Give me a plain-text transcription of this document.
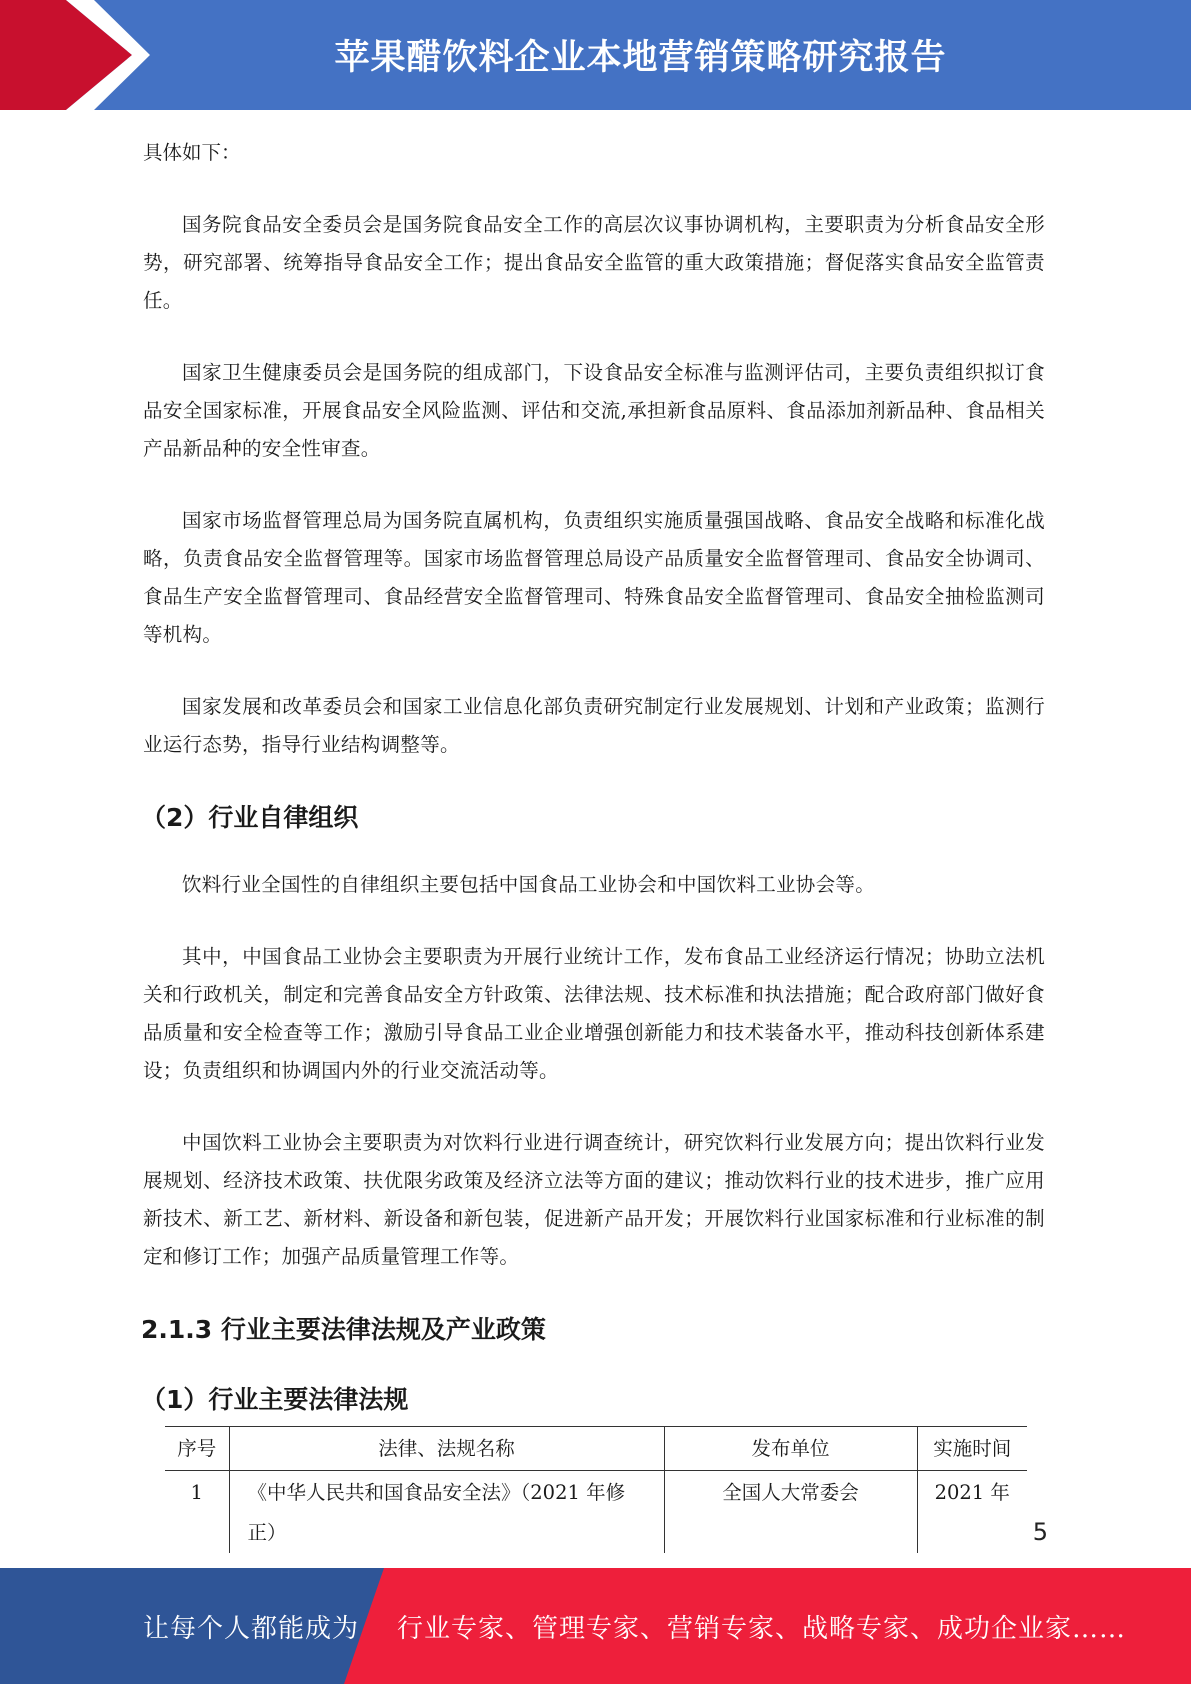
苹果醋饮料企业本地营销策略研究报告

具体如下：

国务院食品安全委员会是国务院食品安全工作的高层次议事协调机构，主要职责为分析食品安全形势，研究部署、统筹指导食品安全工作；提出食品安全监管的重大政策措施；督促落实食品安全监管责任。

国家卫生健康委员会是国务院的组成部门，下设食品安全标准与监测评估司，主要负责组织拟订食品安全国家标准，开展食品安全风险监测、评估和交流,承担新食品原料、食品添加剂新品种、食品相关产品新品种的安全性审查。

国家市场监督管理总局为国务院直属机构，负责组织实施质量强国战略、食品安全战略和标准化战略，负责食品安全监督管理等。国家市场监督管理总局设产品质量安全监督管理司、食品安全协调司、食品生产安全监督管理司、食品经营安全监督管理司、特殊食品安全监督管理司、食品安全抽检监测司等机构。

国家发展和改革委员会和国家工业信息化部负责研究制定行业发展规划、计划和产业政策；监测行业运行态势，指导行业结构调整等。

（2）行业自律组织

饮料行业全国性的自律组织主要包括中国食品工业协会和中国饮料工业协会等。

其中，中国食品工业协会主要职责为开展行业统计工作，发布食品工业经济运行情况；协助立法机关和行政机关，制定和完善食品安全方针政策、法律法规、技术标准和执法措施；配合政府部门做好食品质量和安全检查等工作；激励引导食品工业企业增强创新能力和技术装备水平，推动科技创新体系建设；负责组织和协调国内外的行业交流活动等。

中国饮料工业协会主要职责为对饮料行业进行调查统计，研究饮料行业发展方向；提出饮料行业发展规划、经济技术政策、扶优限劣政策及经济立法等方面的建议；推动饮料行业的技术进步，推广应用新技术、新工艺、新材料、新设备和新包装，促进新产品开发；开展饮料行业国家标准和行业标准的制定和修订工作；加强产品质量管理工作等。

2.1.3 行业主要法律法规及产业政策
（1）行业主要法律法规
序号	法律、法规名称	发布单位	实施时间
1	《中华人民共和国食品安全法》（2021 年修正）	全国人大常委会	2021 年
5
让每个人都能成为 行业专家、管理专家、营销专家、战略专家、成功企业家……
